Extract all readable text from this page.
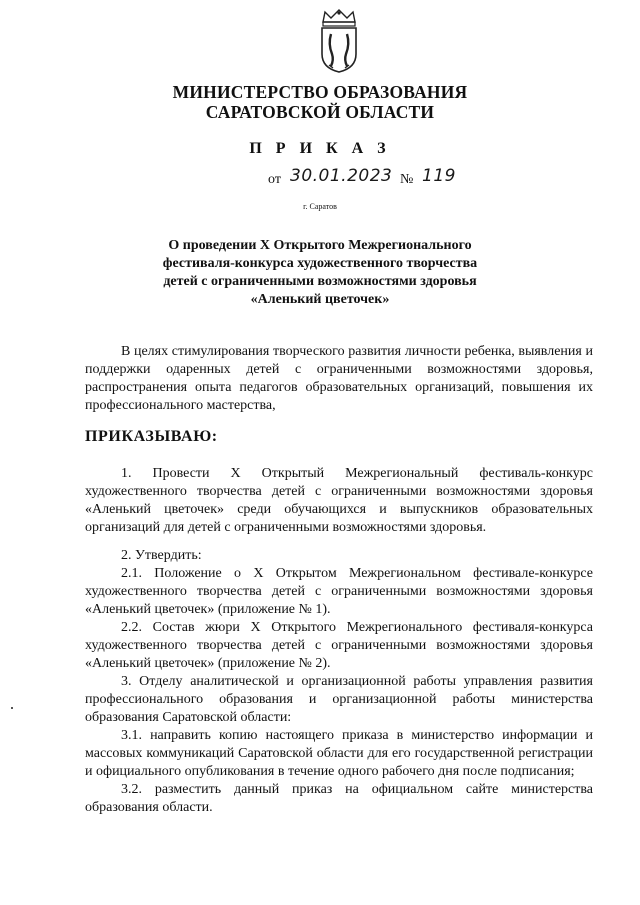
МИНИСТЕРСТВО ОБРАЗОВАНИЯ
САРАТОВСКОЙ ОБЛАСТИ
П Р И К А З
от 30.01.2023 № 119
г. Саратов
О проведении X Открытого Межрегионального
фестиваля-конкурса художественного творчества
детей с ограниченными возможностями здоровья
«Аленький цветочек»
В целях стимулирования творческого развития личности ребенка, выявления и поддержки одаренных детей с ограниченными возможностями здоровья, распространения опыта педагогов образовательных организаций, повышения их профессионального мастерства,
ПРИКАЗЫВАЮ:

1. Провести X Открытый Межрегиональный фестиваль-конкурс художественного творчества детей с ограниченными возможностями здоровья «Аленький цветочек» среди обучающихся и выпускников образовательных организаций для детей с ограниченными возможностями здоровья.

2. Утвердить:

2.1. Положение о X Открытом Межрегиональном фестивале-конкурсе художественного творчества детей с ограниченными возможностями здоровья «Аленький цветочек» (приложение № 1).

2.2. Состав жюри X Открытого Межрегионального фестиваля-конкурса художественного творчества детей с ограниченными возможностями здоровья «Аленький цветочек» (приложение № 2).

3. Отделу аналитической и организационной работы управления развития профессионального образования и организационной работы министерства образования Саратовской области:

3.1. направить копию настоящего приказа в министерство информации и массовых коммуникаций Саратовской области для его государственной регистрации и официального опубликования в течение одного рабочего дня после подписания;

3.2. разместить данный приказ на официальном сайте министерства образования области.
